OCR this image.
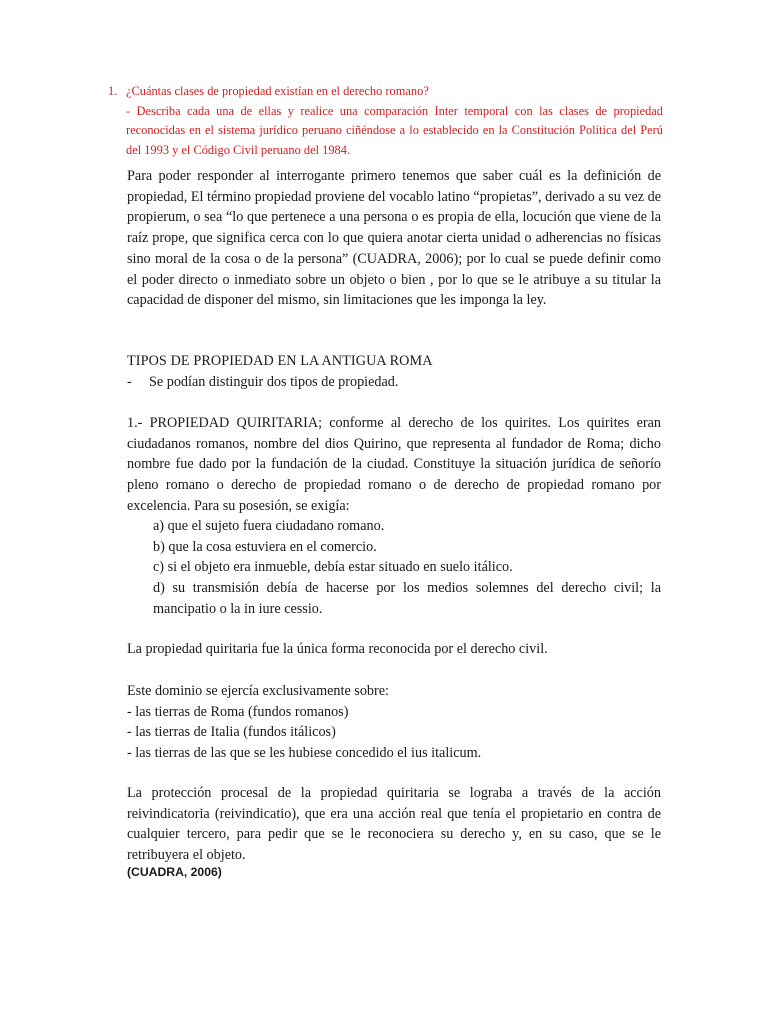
1. ¿Cuántas clases de propiedad existían en el derecho romano?
- Describa cada una de ellas y realice una comparación Inter temporal con las clases de propiedad reconocidas en el sistema jurídico peruano ciñéndose a lo establecido en la Constitución Política del Perú del 1993 y el Código Civil peruano del 1984.

Para poder responder al interrogante primero tenemos que saber cuál es la definición de propiedad, El término propiedad proviene del vocablo latino “propietas”, derivado a su vez de propierum, o sea “lo que pertenece a una persona o es propia de ella, locución que viene de la raíz prope, que significa cerca con lo que quiera anotar cierta unidad o adherencias no físicas sino moral de la cosa o de la persona” (CUADRA, 2006); por lo cual se puede definir como el poder directo o inmediato sobre un objeto o bien , por lo que se le atribuye a su titular la capacidad de disponer del mismo, sin limitaciones que les imponga la ley.

TIPOS DE PROPIEDAD EN LA ANTIGUA ROMA

- Se podían distinguir dos tipos de propiedad.

1.- PROPIEDAD QUIRITARIA; conforme al derecho de los quirites. Los quirites eran ciudadanos romanos, nombre del dios Quirino, que representa al fundador de Roma; dicho nombre fue dado por la fundación de la ciudad. Constituye la situación jurídica de señorío pleno romano o derecho de propiedad romano o de derecho de propiedad romano por excelencia. Para su posesión, se exigía:

a) que el sujeto fuera ciudadano romano.
b) que la cosa estuviera en el comercio.
c) si el objeto era inmueble, debía estar situado en suelo itálico.
d) su transmisión debía de hacerse por los medios solemnes del derecho civil; la mancipatio o la in iure cessio.

La propiedad quiritaria fue la única forma reconocida por el derecho civil.

Este dominio se ejercía exclusivamente sobre:
- las tierras de Roma (fundos romanos)
- las tierras de Italia (fundos itálicos)
- las tierras de las que se les hubiese concedido el ius italicum.

La protección procesal de la propiedad quiritaria se lograba a través de la acción reivindicatoria (reivindicatio), que era una acción real que tenía el propietario en contra de cualquier tercero, para pedir que se le reconociera su derecho y, en su caso, que se le retribuyera el objeto.

(CUADRA, 2006)
